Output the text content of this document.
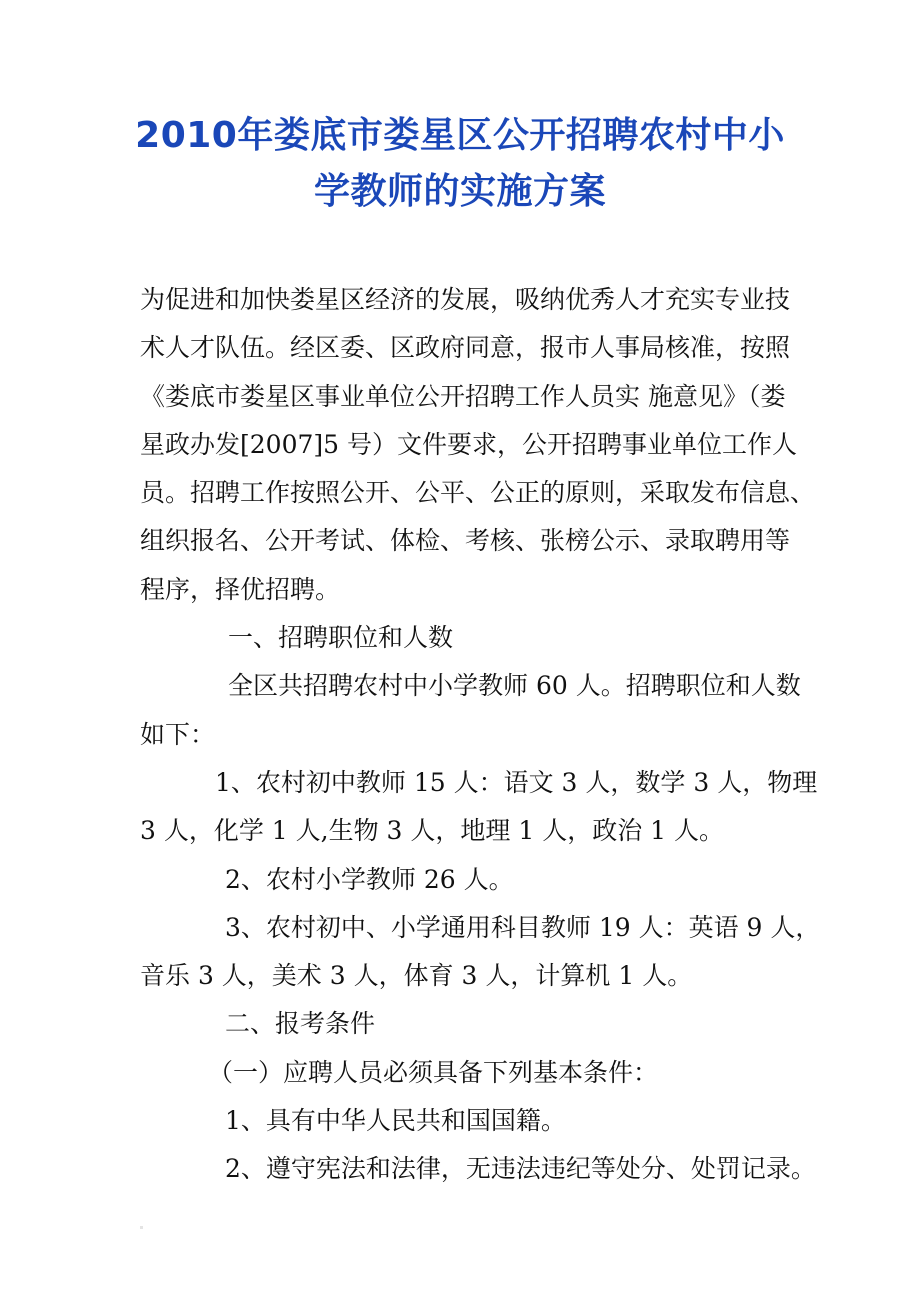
2010年娄底市娄星区公开招聘农村中小
学教师的实施方案
为促进和加快娄星区经济的发展，吸纳优秀人才充实专业技
术人才队伍。经区委、区政府同意，报市人事局核准，按照
《娄底市娄星区事业单位公开招聘工作人员实 施意见》（娄
星政办发[2007]5 号）文件要求，公开招聘事业单位工作人
员。招聘工作按照公开、公平、公正的原则，采取发布信息、
组织报名、公开考试、体检、考核、张榜公示、录取聘用等
程序，择优招聘。
一、招聘职位和人数
全区共招聘农村中小学教师 60 人。招聘职位和人数
如下：
1、农村初中教师 15 人：语文 3 人，数学 3 人，物理
3 人，化学 1 人,生物 3 人，地理 1 人，政治 1 人。
2、农村小学教师 26 人。
3、农村初中、小学通用科目教师 19 人：英语 9 人，
音乐 3 人，美术 3 人，体育 3 人，计算机 1 人。
二、报考条件
（一）应聘人员必须具备下列基本条件：
1、具有中华人民共和国国籍。
2、遵守宪法和法律，无违法违纪等处分、处罚记录。
